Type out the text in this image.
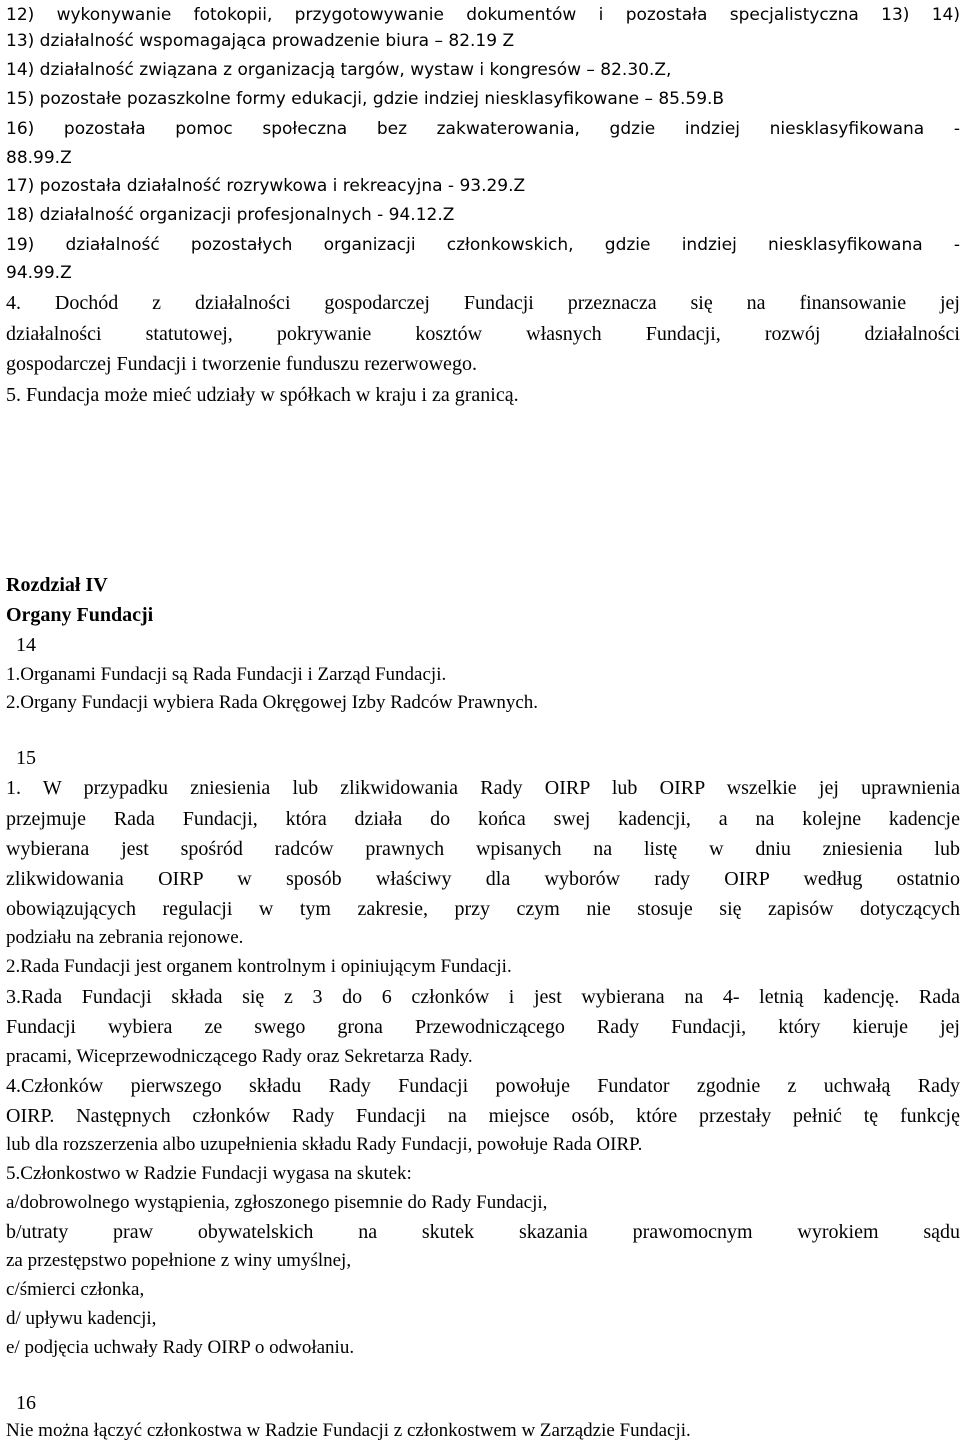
12) wykonywanie fotokopii, przygotowywanie dokumentów i pozostała specjalistyczna 13) 14)
13) działalność wspomagająca prowadzenie biura – 82.19 Z
14) działalność związana z organizacją targów, wystaw i kongresów – 82.30.Z,
15) pozostałe pozaszkolne formy edukacji, gdzie indziej niesklasyfikowane – 85.59.B
16) pozostała pomoc społeczna bez zakwaterowania, gdzie indziej niesklasyfikowana -
88.99.Z
17) pozostała działalność rozrywkowa i rekreacyjna - 93.29.Z
18) działalność organizacji profesjonalnych - 94.12.Z
19) działalność pozostałych organizacji członkowskich, gdzie indziej niesklasyfikowana -
94.99.Z
4. Dochód z działalności gospodarczej Fundacji przeznacza się na finansowanie jej
działalności statutowej, pokrywanie kosztów własnych Fundacji, rozwój działalności
gospodarczej Fundacji i tworzenie funduszu rezerwowego.
5. Fundacja może mieć udziały w spółkach w kraju i za granicą.
Rozdział IV
Organy Fundacji
14
1.Organami Fundacji są Rada Fundacji i Zarząd Fundacji.
2.Organy Fundacji wybiera Rada Okręgowej Izby Radców Prawnych.
15
1. W przypadku zniesienia lub zlikwidowania Rady OIRP lub OIRP wszelkie jej uprawnienia
przejmuje Rada Fundacji, która działa do końca swej kadencji, a na kolejne kadencje
wybierana jest spośród radców prawnych wpisanych na listę w dniu zniesienia lub
zlikwidowania OIRP w sposób właściwy dla wyborów rady OIRP według ostatnio
obowiązujących regulacji w tym zakresie, przy czym nie stosuje się zapisów dotyczących
podziału na zebrania rejonowe.
2.Rada Fundacji jest organem kontrolnym i opiniującym Fundacji.
3.Rada Fundacji składa się z 3 do 6 członków i jest wybierana na 4- letnią kadencję. Rada
Fundacji wybiera ze swego grona Przewodniczącego Rady Fundacji, który kieruje jej
pracami, Wiceprzewodniczącego Rady oraz Sekretarza Rady.
4.Członków pierwszego składu Rady Fundacji powołuje Fundator zgodnie z uchwałą Rady
OIRP. Następnych członków Rady Fundacji na miejsce osób, które przestały pełnić tę funkcję
lub dla rozszerzenia albo uzupełnienia składu Rady Fundacji, powołuje Rada OIRP.
5.Członkostwo w Radzie Fundacji wygasa na skutek:
a/dobrowolnego wystąpienia, zgłoszonego pisemnie do Rady Fundacji,
b/utraty praw obywatelskich na skutek skazania prawomocnym wyrokiem sądu
za przestępstwo popełnione z winy umyślnej,
c/śmierci członka,
d/ upływu kadencji,
e/ podjęcia uchwały Rady OIRP o odwołaniu.
16
Nie można łączyć członkostwa w Radzie Fundacji z członkostwem w Zarządzie Fundacji.
